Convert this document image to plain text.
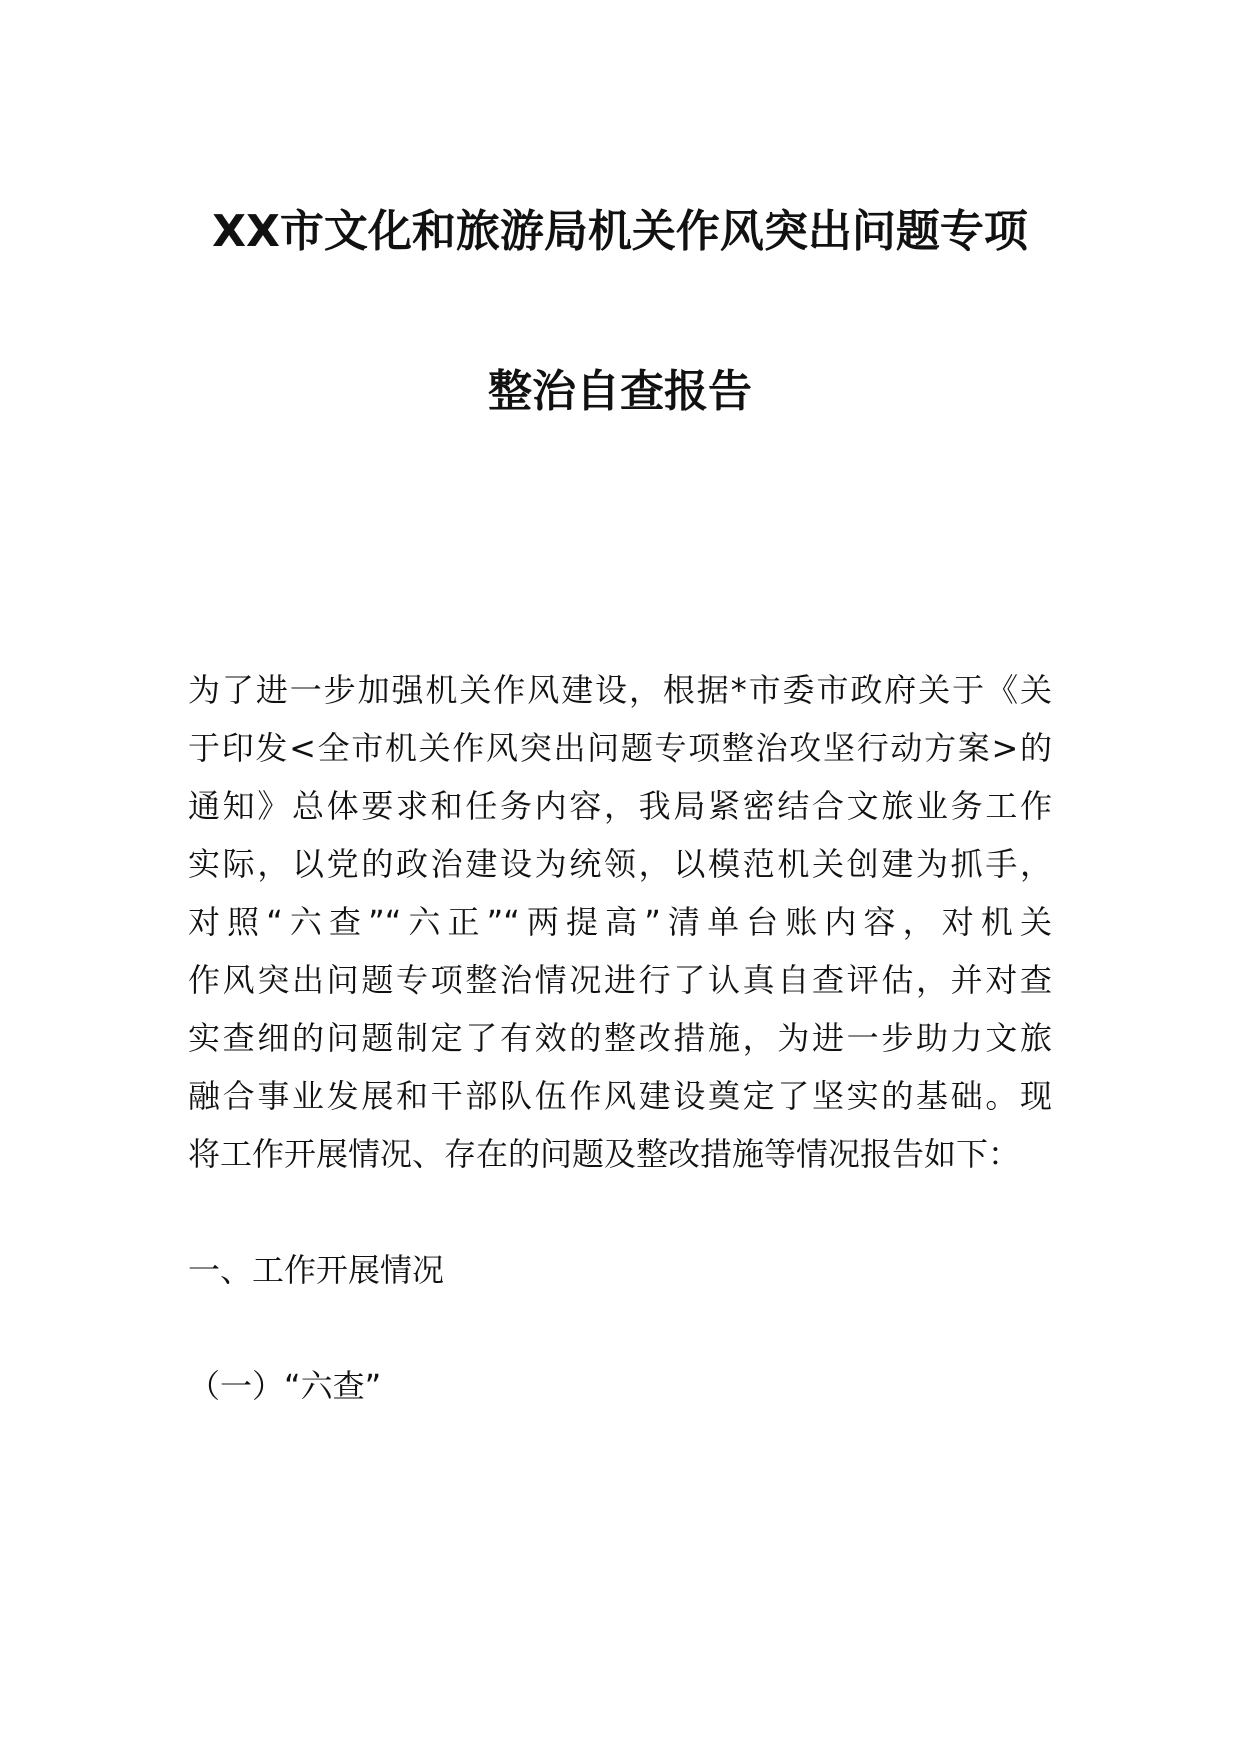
XX市文化和旅游局机关作风突出问题专项
整治自查报告
为了进一步加强机关作风建设，根据*市委市政府关于《关
于印发<全市机关作风突出问题专项整治攻坚行动方案>的
通知》总体要求和任务内容，我局紧密结合文旅业务工作
实际，以党的政治建设为统领，以模范机关创建为抓手，
对照“六查”“六正”“两提高”清单台账内容，对机关
作风突出问题专项整治情况进行了认真自查评估，并对查
实查细的问题制定了有效的整改措施，为进一步助力文旅
融合事业发展和干部队伍作风建设奠定了坚实的基础。现
将工作开展情况、存在的问题及整改措施等情况报告如下：
一、工作开展情况
（一）“六查”
